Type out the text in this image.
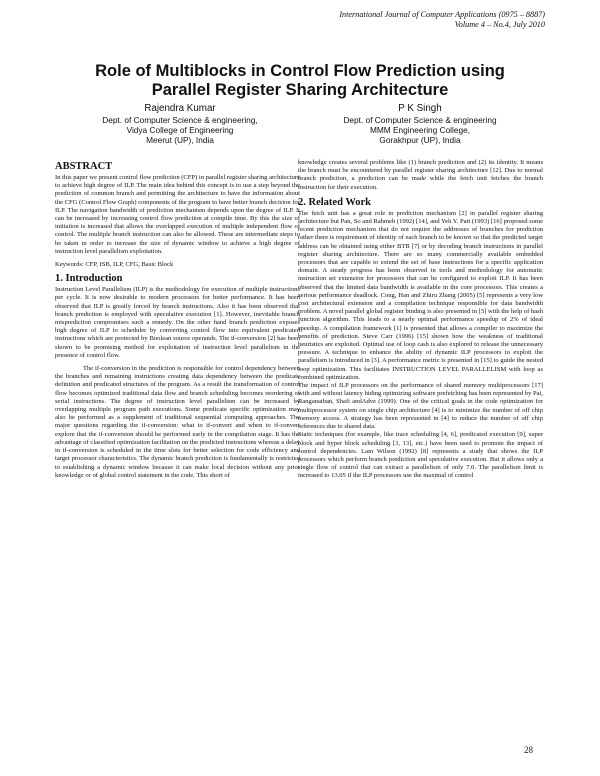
International Journal of Computer Applications (0975 – 8887)
Volume 4 – No.4, July 2010
Role of Multiblocks in Control Flow Prediction using
Parallel Register Sharing Architecture
Rajendra Kumar
Dept. of Computer Science & engineering,
Vidya College of Engineering
Meerut (UP), India
P K Singh
Dept. of Computer Science & engineering
MMM Engineering College,
Gorakhpur (UP), India
ABSTRACT

In this paper we present control flow prediction (CFP) in parallel register sharing architecture to achieve high degree of ILP. The main idea behind this concept is to use a step beyond the prediction of common branch and permitting the architecture to have the information about the CFG (Control Flow Graph) components of the program to have better branch decision for ILP. The navigation bandwidth of prediction mechanism depends upon the degree of ILP. It can be increased by increasing control flow prediction at compile time. By this the size of initiation is increased that allows the overlapped execution of multiple independent flow of control. The multiple branch instruction can also be allowed. These are intermediate steps to be taken in order to increase the size of dynamic window to achieve a high degree of instruction level parallelism exploitation.

Keywords: CFP, ISB, ILP, CFG, Basic Block

1. Introduction

Instruction Level Parallelism (ILP) is the methodology for execution of multiple instructions per cycle. It is now desirable to modern processors for better performance. It has been observed that ILP is greatly forced by branch instructions. Also it has been observed that branch prediction is employed with speculative execution [1]. However, inevitable branch misprediction compromises such a remedy. On the other hand branch prediction exposes high degree of ILP to scheduler by converting control flow into equivalent predicated instructions which are protected by Boolean source operands. The if-conversion [2] has been shown to be promising method for exploitation of instruction level parallelism in the presence of control flow.

The if-conversion in the prediction is responsible for control dependency between the branches and remaining instructions creating data dependency between the predicate definition and predicated structures of the program. As a result the transformation of control flow becomes optimized traditional data flow and branch scheduling becomes reordering of serial instructions. The degree of instruction level parallelism can be increased by overlapping multiple program path executions. Some predicate specific optimization may also be performed as a supplement of traditional sequential computing approaches. The major questions regarding the if-conversion: what to if-convert and when to if-convert explore that the if-conversion should be performed early in the compilation stage. It has the advantage of classified optimization facilitation on the predicted instructions whereas a delay in if-conversion is scheduled in the time slots for better selection for code efficiency and target processor characteristics. The dynamic branch prediction is fundamentally is restricted to establishing a dynamic window because it can make local decision without any prior knowledge or of global control statement in the code. This short of

knowledge creates several problems like (1) branch prediction and (2) its identity. It means the branch must be encountered by parallel register sharing architecture [12]. Due to normal branch prediction, a prediction can be made while the fetch unit fetches the branch instruction for their execution.

2. Related Work

The fetch unit has a great role in prediction mechanism [2] in parallel register sharing architecture but Pan, So and Rahmeh (1992) [14], and Yeh Y. Patt (1993) [16] proposed some recent prediction mechanism that do not require the addresses of branches for prediction rather there is requirement of identity of each branch to be known so that the predicted target address can be obtained using either BTB [7] or by decoding branch instructions in parallel register sharing architecture. There are so many commercially available embedded processors that are capable to extend the set of base instructions for a specific application domain. A steady progress has been observed in tools and methodology for automatic instruction set extension for processors that can be configured to exploit ILP. It has been observed that the limited data bandwidth is available in the core processors. This creates a serious performance deadlock. Cong, Han and Zhiru Zhang (2005) [5] represents a very low cost architectural extension and a compilation technique responsible for data bandwidth problem. A novel parallel global register binding is also presented in [5] with the help of hash function algorithm. This leads to a nearly optimal performance speedup of 2% of ideal speedup. A compilation framework [1] is presented that allows a compiler to maximize the benefits of prediction. Steve Carr (1996) [15] shown how the weakness of traditional heuristics are exploited. Optimal use of loop cash is also explored to release the unnecessary pressure. A technique to enhance the ability of dynamic ILP processors to exploit the parallelism is introduced in [3]. A performance metric is presented in [15] to guide the nested loop optimization. This facilitates INSTRUCTION LEVEL PARALLELISM with loop as combined optimization.

The impact of ILP processors on the performance of shared memory multiprocessors [17] with and without latency hiding optimizing software prefetching has been represented by Pai, Ranganathan, Shafi andAdve (1999). One of the critical goals in the code optimization for multiprocessor system on single chip architecture [4] is to minimize the number of off chip memory access. A strategy has been represented in [4] to reduce the number of off chip references due to shared data.

Static techniques (for example, like trace scheduling [4, 6], predicated execution [9], super block and hyper block scheduling [3, 13], etc.) have been used to promote the impact of control dependencies. Lam Wilson (1992) [8] represents a study that shows the ILP processors which perform branch prediction and speculative execution. But it allows only a single flow of control that can extract a parallelism of only 7.0. The parallelism limit is increased to 13.05 if the ILP processors use the maximal of control

28
